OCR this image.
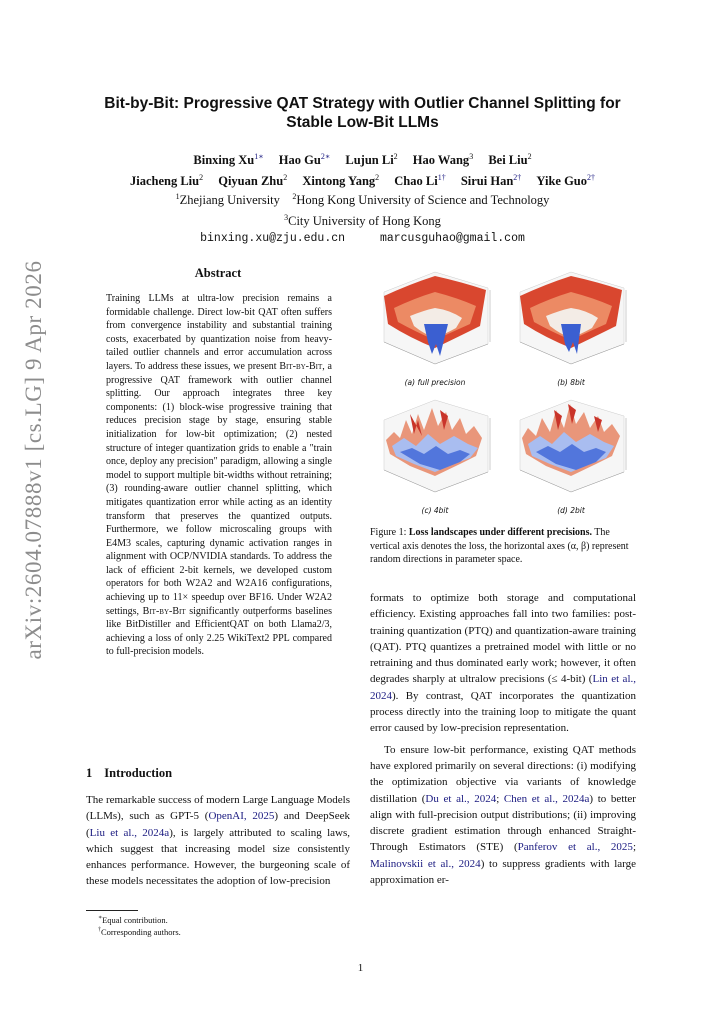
arXiv:2604.07888v1 [cs.LG] 9 Apr 2026
Bit-by-Bit: Progressive QAT Strategy with Outlier Channel Splitting for Stable Low-Bit LLMs
Binxing $Xu^{1∗}$ Hao $Gu^{2∗}$ Lujun Li$^2$ Hao Wang$^3$ Bei Liu$^2$
Jiacheng Liu$^2$ Qiyuan Zhu$^2$ Xintong Yang$^2$ Chao $Li^{1\dagger}$ Sirui Han$^{2\dagger}$ Yike Guo$^{2\dagger}$
$^1$Zhejiang University $^2$Hong Kong University of Science and Technology
$^3$City University of Hong Kong
binxing.xu@zju.edu.cn	marcusguhao@gmail.com
Abstract
Training LLMs at ultra-low precision remains a formidable challenge. Direct low-bit QAT often suffers from convergence instability and substantial training costs, exacerbated by quantization noise from heavy-tailed outlier channels and error accumulation across layers. To address these issues, we present Bit-by-Bit, a progressive QAT framework with outlier channel splitting. Our approach integrates three key components: (1) block-wise progressive training that reduces precision stage by stage, ensuring stable initialization for low-bit optimization; (2) nested structure of integer quantization grids to enable a "train once, deploy any precision" paradigm, allowing a single model to support multiple bit-widths without retraining; (3) rounding-aware outlier channel splitting, which mitigates quantization error while acting as an identity transform that preserves the quantized outputs. Furthermore, we follow microscaling groups with E4M3 scales, capturing dynamic activation ranges in alignment with OCP/NVIDIA standards. To address the lack of efficient 2-bit kernels, we developed custom operators for both W2A2 and W2A16 configurations, achieving up to 11× speedup over BF16. Under W2A2 settings, Bit-by-Bit significantly outperforms baselines like BitDistiller and EfficientQAT on both Llama2/3, achieving a loss of only 2.25 WikiText2 PPL compared to full-precision models.
1 Introduction
The remarkable success of modern Large Language Models (LLMs), such as GPT-5 (OpenAI, 2025) and DeepSeek (Liu et al., 2024a), is largely attributed to scaling laws, which suggest that increasing model size consistently enhances performance. However, the burgeoning scale of these models necessitates the adoption of low-precision
∗Equal contribution.
†Corresponding authors.
(a) full precision	(b) 8bit
(c) 4bit	(d) 2bit
Figure 1: Loss landscapes under different precisions. The vertical axis denotes the loss, the horizontal axes (α, β) represent random directions in parameter space.

formats to optimize both storage and computational efficiency. Existing approaches fall into two families: post-training quantization (PTQ) and quantization-aware training (QAT). PTQ quantizes a pretrained model with little or no retraining and thus dominated early work; however, it often degrades sharply at ultralow precisions (≤ 4-bit) (Lin et al., 2024). By contrast, QAT incorporates the quantization process directly into the training loop to mitigate the quant error caused by low-precision representation.

To ensure low-bit performance, existing QAT methods have explored primarily on several directions: (i) modifying the optimization objective via variants of knowledge distillation (Du et al., 2024; Chen et al., 2024a) to better align with full-precision output distributions; (ii) improving discrete gradient estimation through enhanced Straight-Through Estimators (STE) (Panferov et al., 2025; Malinovskii et al., 2024) to suppress gradients with large approximation er-

1
